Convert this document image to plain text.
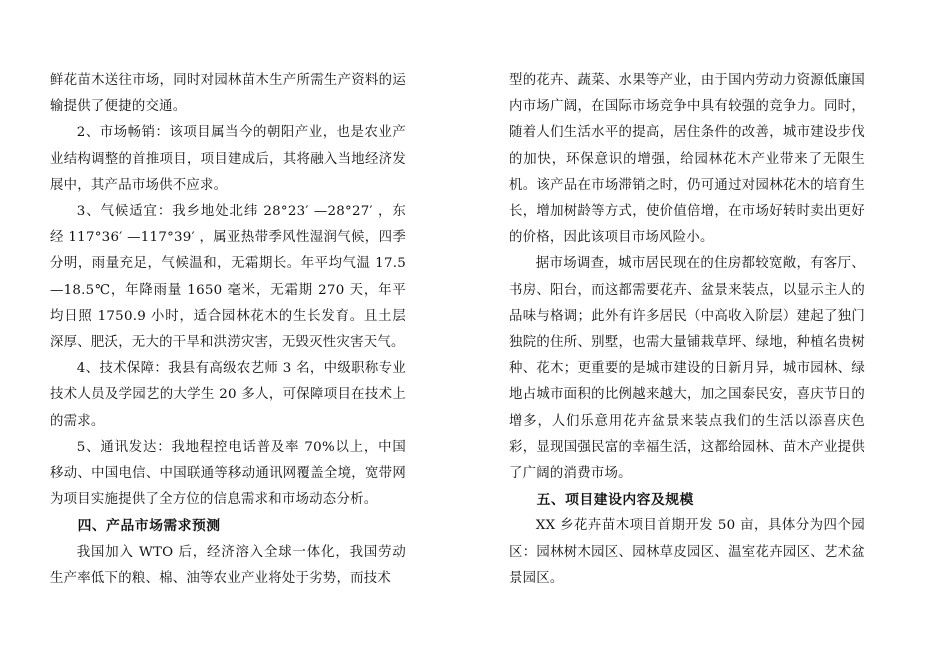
鲜花苗木送往市场，同时对园林苗木生产所需生产资料的运输提供了便捷的交通。

2、市场畅销：该项目属当今的朝阳产业，也是农业产业结构调整的首推项目，项目建成后，其将融入当地经济发展中，其产品市场供不应求。

3、气候适宜：我乡地处北纬 28°23′ —28°27′ ，东经 117°36′ —117°39′ ，属亚热带季风性湿润气候，四季分明，雨量充足，气候温和，无霜期长。年平均气温 17.5—18.5℃，年降雨量 1650 毫米，无霜期 270 天，年平均日照 1750.9 小时，适合园林花木的生长发育。且土层深厚、肥沃，无大的干旱和洪涝灾害，无毁灭性灾害天气。

4、技术保障：我县有高级农艺师 3 名，中级职称专业技术人员及学园艺的大学生 20 多人，可保障项目在技术上的需求。

5、通讯发达：我地程控电话普及率 70%以上，中国移动、中国电信、中国联通等移动通讯网覆盖全境，宽带网为项目实施提供了全方位的信息需求和市场动态分析。

四、产品市场需求预测

我国加入 WTO 后，经济溶入全球一体化，我国劳动生产率低下的粮、棉、油等农业产业将处于劣势，而技术

型的花卉、蔬菜、水果等产业，由于国内劳动力资源低廉国内市场广阔，在国际市场竞争中具有较强的竞争力。同时，随着人们生活水平的提高，居住条件的改善，城市建设步伐的加快，环保意识的增强，给园林花木产业带来了无限生机。该产品在市场滞销之时，仍可通过对园林花木的培育生长，增加树龄等方式，使价值倍增，在市场好转时卖出更好的价格，因此该项目市场风险小。

据市场调查，城市居民现在的住房都较宽敞，有客厅、书房、阳台，而这都需要花卉、盆景来装点，以显示主人的品味与格调；此外有许多居民（中高收入阶层）建起了独门独院的住所、别墅，也需大量铺栽草坪、绿地，种植名贵树种、花木；更重要的是城市建设的日新月异，城市园林、绿地占城市面积的比例越来越大，加之国泰民安，喜庆节日的增多，人们乐意用花卉盆景来装点我们的生活以添喜庆色彩，显现国强民富的幸福生活，这都给园林、苗木产业提供了广阔的消费市场。

五、项目建设内容及规模

XX 乡花卉苗木项目首期开发 50 亩，具体分为四个园区：园林树木园区、园林草皮园区、温室花卉园区、艺术盆景园区。
